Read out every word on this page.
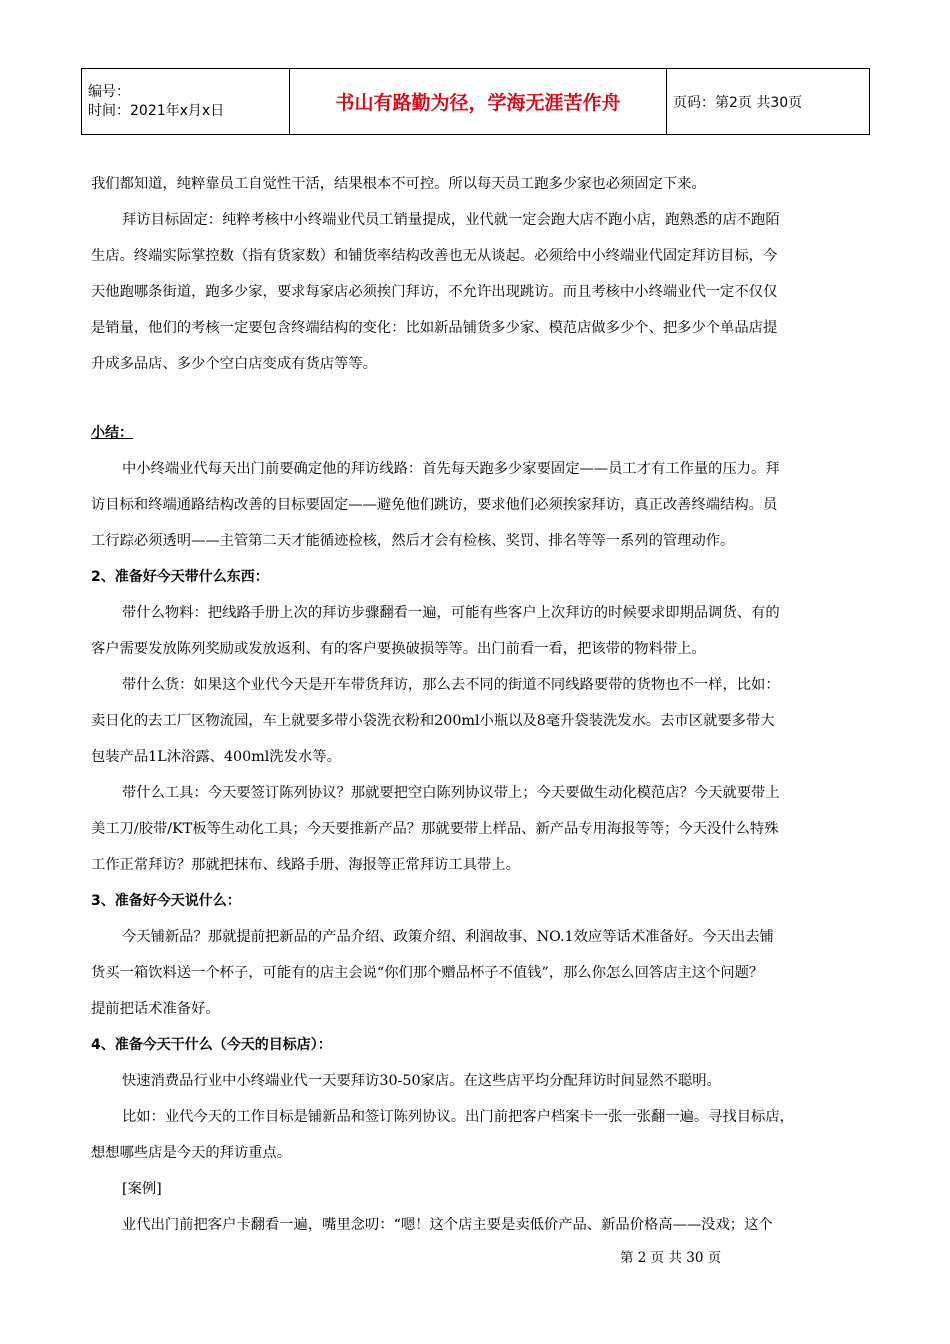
编号：
时间：2021年x月x日	书山有路勤为径，学海无涯苦作舟	页码：第2页 共30页

我们都知道，纯粹靠员工自觉性干活，结果根本不可控。所以每天员工跑多少家也必须固定下来。

拜访目标固定：纯粹考核中小终端业代员工销量提成，业代就一定会跑大店不跑小店，跑熟悉的店不跑陌

生店。终端实际掌控数（指有货家数）和铺货率结构改善也无从谈起。必须给中小终端业代固定拜访目标，今

天他跑哪条街道，跑多少家，要求每家店必须挨门拜访，不允许出现跳访。而且考核中小终端业代一定不仅仅

是销量，他们的考核一定要包含终端结构的变化：比如新品铺货多少家、模范店做多少个、把多少个单品店提

升成多品店、多少个空白店变成有货店等等。

小结：

中小终端业代每天出门前要确定他的拜访线路：首先每天跑多少家要固定——员工才有工作量的压力。拜

访目标和终端通路结构改善的目标要固定——避免他们跳访，要求他们必须挨家拜访，真正改善终端结构。员

工行踪必须透明——主管第二天才能循迹检核，然后才会有检核、奖罚、排名等等一系列的管理动作。

2、准备好今天带什么东西：

带什么物料：把线路手册上次的拜访步骤翻看一遍，可能有些客户上次拜访的时候要求即期品调货、有的

客户需要发放陈列奖励或发放返利、有的客户要换破损等等。出门前看一看，把该带的物料带上。

带什么货：如果这个业代今天是开车带货拜访，那么去不同的街道不同线路要带的货物也不一样，比如：

卖日化的去工厂区物流园，车上就要多带小袋洗衣粉和200ml小瓶以及8毫升袋装洗发水。去市区就要多带大

包装产品1L沐浴露、400ml洗发水等。

带什么工具：今天要签订陈列协议？那就要把空白陈列协议带上；今天要做生动化模范店？今天就要带上

美工刀/胶带/KT板等生动化工具；今天要推新产品？那就要带上样品、新产品专用海报等等；今天没什么特殊

工作正常拜访？那就把抹布、线路手册、海报等正常拜访工具带上。

3、准备好今天说什么：

今天铺新品？那就提前把新品的产品介绍、政策介绍、利润故事、NO.1效应等话术准备好。今天出去铺

货买一箱饮料送一个杯子，可能有的店主会说“你们那个赠品杯子不值钱”，那么你怎么回答店主这个问题？

提前把话术准备好。

4、准备今天干什么（今天的目标店）：

快速消费品行业中小终端业代一天要拜访30-50家店。在这些店平均分配拜访时间显然不聪明。

比如：业代今天的工作目标是铺新品和签订陈列协议。出门前把客户档案卡一张一张翻一遍。寻找目标店，

想想哪些店是今天的拜访重点。

[案例]

业代出门前把客户卡翻看一遍，嘴里念叨：“嗯！这个店主要是卖低价产品、新品价格高——没戏；这个

第 2 页 共 30 页
